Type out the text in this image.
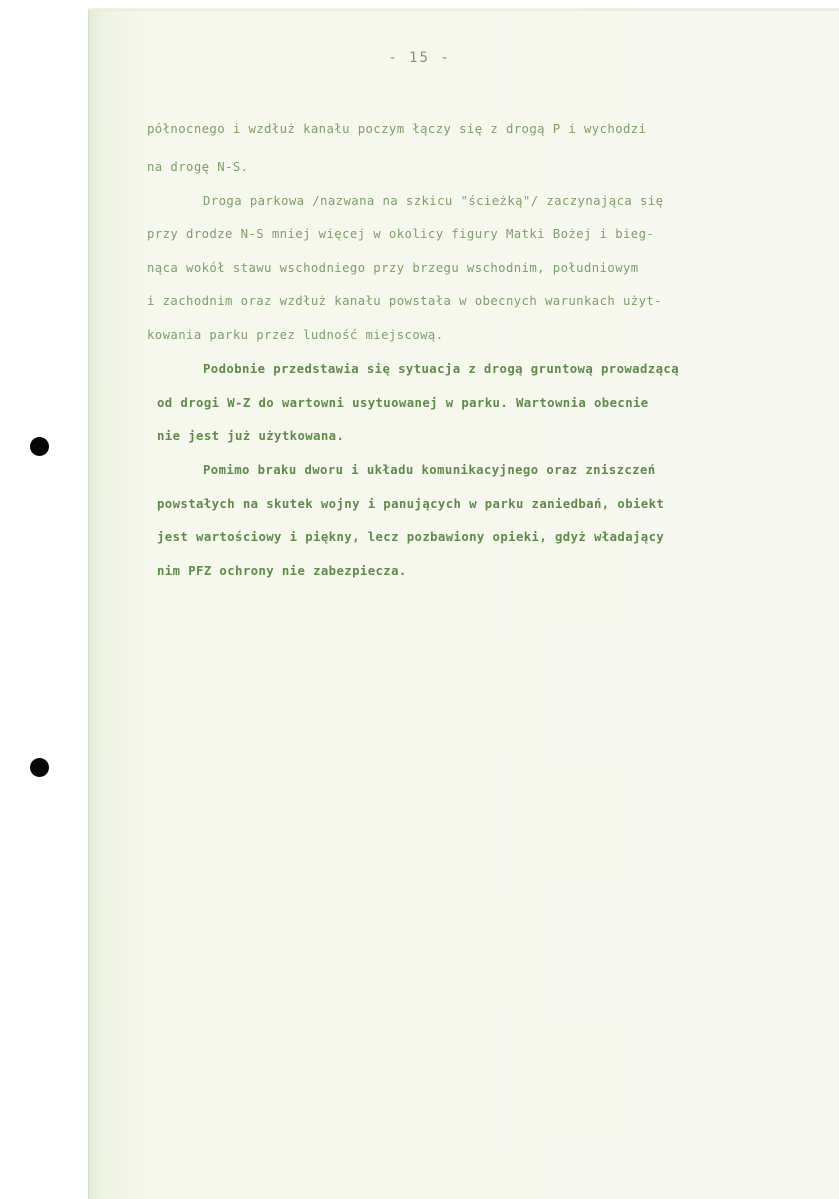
- 15 -
północnego i wzdłuż kanału poczym łączy się z drogą P i wychodzi
na drogę N-S.
Droga parkowa /nazwana na szkicu "ścieżką"/ zaczynająca się
przy drodze N-S mniej więcej w okolicy figury Matki Bożej i bieg-
nąca wokół stawu wschodniego przy brzegu wschodnim, południowym
i zachodnim oraz wzdłuż kanału powstała w obecnych warunkach użyt-
kowania parku przez ludność miejscową.
Podobnie przedstawia się sytuacja z drogą gruntową prowadzącą
od drogi W-Z do wartowni usytuowanej w parku. Wartownia obecnie
nie jest już użytkowana.
Pomimo braku dworu i układu komunikacyjnego oraz zniszczeń
powstałych na skutek wojny i panujących w parku zaniedbań, obiekt
jest wartościowy i piękny, lecz pozbawiony opieki, gdyż władający
nim PFZ ochrony nie zabezpiecza.
